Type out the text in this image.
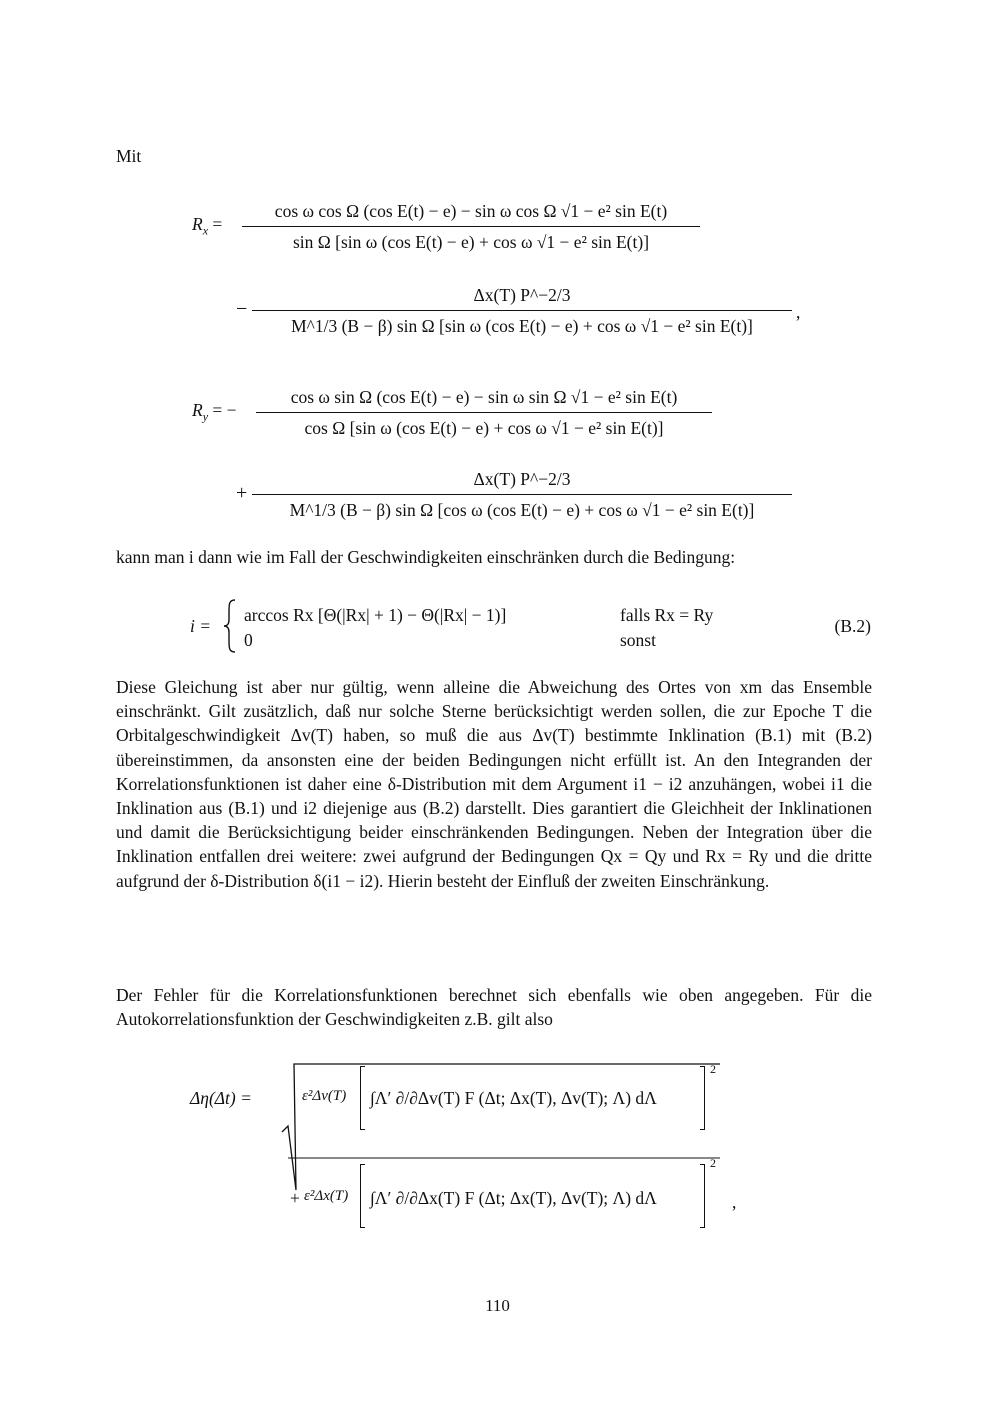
Mit
$R_x = \frac{\text{cos ω cos Ω (cos E(t) − e) − sin ω cos Ω √1 − e² sin E(t)}}{\text{sin Ω [sin ω (cos E(t) − e) + cos ω √1 − e² sin E(t)]}}$
−
Δx(T) P^−2/3
M^1/3 (B − β) sin Ω [sin ω (cos E(t) − e) + cos ω √1 − e² sin E(t)]
,
$R_y$ = − $\frac{\text{cos ω sin Ω (cos E(t) − e) − sin ω sin Ω √1 − e² sin E(t)}}{\text{cos Ω [sin ω (cos E(t) − e) + cos ω √1 − e² sin E(t)]}}$
+
Δx(T) P^−2/3
M^1/3 (B − β) sin Ω [cos ω (cos E(t) − e) + cos ω √1 − e² sin E(t)]
kann man i dann wie im Fall der Geschwindigkeiten einschränken durch die Bedingung:
i =
arccos Rx [Θ(|Rx| + 1) − Θ(|Rx| − 1)]	falls Rx = Ry
0	sonst
(B.2)
Diese Gleichung ist aber nur gültig, wenn alleine die Abweichung des Ortes von xm das Ensemble einschränkt. Gilt zusätzlich, daß nur solche Sterne berücksichtigt werden sollen, die zur Epoche T die Orbitalgeschwindigkeit Δv(T) haben, so muß die aus Δv(T) bestimmte Inklination (B.1) mit (B.2) übereinstimmen, da ansonsten eine der beiden Bedingungen nicht erfüllt ist. An den Integranden der Korrelationsfunktionen ist daher eine δ-Distribution mit dem Argument i1 − i2 anzuhängen, wobei i1 die Inklination aus (B.1) und i2 diejenige aus (B.2) darstellt. Dies garantiert die Gleichheit der Inklinationen und damit die Berücksichtigung beider einschränkenden Bedingungen. Neben der Integration über die Inklination entfallen drei weitere: zwei aufgrund der Bedingungen Qx = Qy und Rx = Ry und die dritte aufgrund der δ-Distribution δ(i1 − i2). Hierin besteht der Einfluß der zweiten Einschränkung.
Der Fehler für die Korrelationsfunktionen berechnet sich ebenfalls wie oben angegeben. Für die Autokorrelationsfunktion der Geschwindigkeiten z.B. gilt also
Δη(Δt) =	ε²Δv(T) ∫Λ′ ∂/∂Δv(T) F (Δt; Δx(T), Δv(T); Λ) dΛ
2
+ ε²Δx(T) ∫Λ′ ∂/∂Δx(T) F (Δt; Δx(T), Δv(T); Λ) dΛ
2
,
110
